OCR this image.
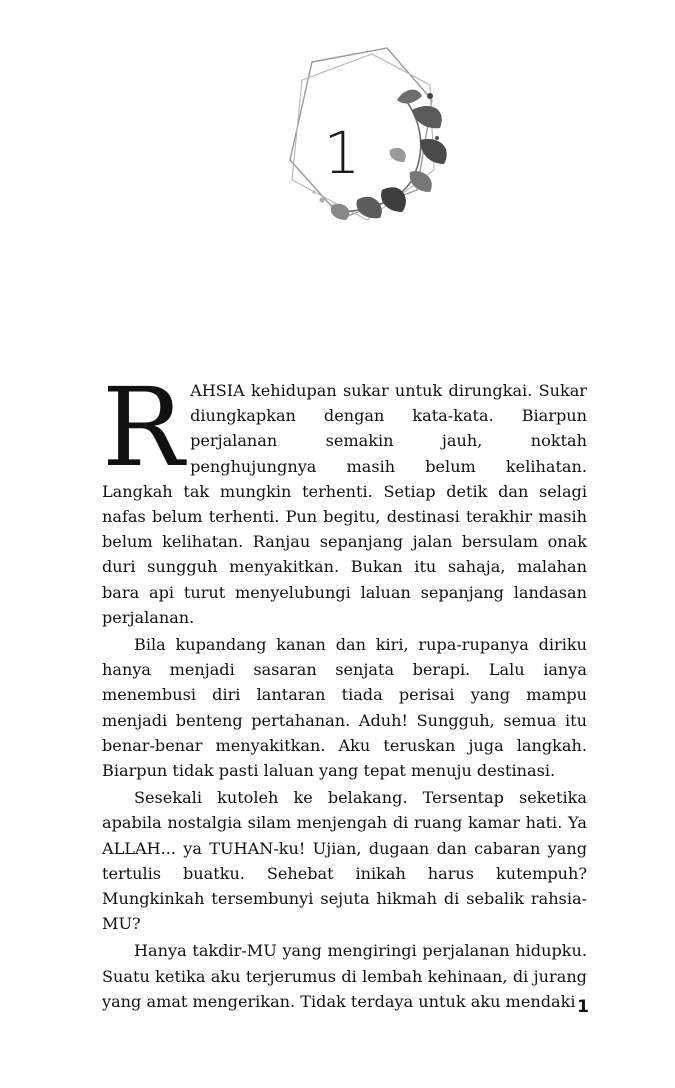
1

RAHSIA kehidupan sukar untuk dirungkai. Sukar diungkapkan dengan kata-kata. Biarpun perjalanan semakin jauh, noktah penghujungnya masih belum kelihatan. Langkah tak mungkin terhenti. Setiap detik dan selagi nafas belum terhenti. Pun begitu, destinasi terakhir masih belum kelihatan. Ranjau sepanjang jalan bersulam onak duri sungguh menyakitkan. Bukan itu sahaja, malahan bara api turut menyelubungi laluan sepanjang landasan perjalanan.

Bila kupandang kanan dan kiri, rupa-rupanya diriku hanya menjadi sasaran senjata berapi. Lalu ianya menembusi diri lantaran tiada perisai yang mampu menjadi benteng pertahanan. Aduh! Sungguh, semua itu benar-benar menyakitkan. Aku teruskan juga langkah. Biarpun tidak pasti laluan yang tepat menuju destinasi.

Sesekali kutoleh ke belakang. Tersentap seketika apabila nostalgia silam menjengah di ruang kamar hati. Ya ALLAH... ya TUHAN-ku! Ujian, dugaan dan cabaran yang tertulis buatku. Sehebat inikah harus kutempuh? Mungkinkah tersembunyi sejuta hikmah di sebalik rahsia-MU?

Hanya takdir-MU yang mengiringi perjalanan hidupku. Suatu ketika aku terjerumus di lembah kehinaan, di jurang yang amat mengerikan. Tidak terdaya untuk aku mendaki 1
